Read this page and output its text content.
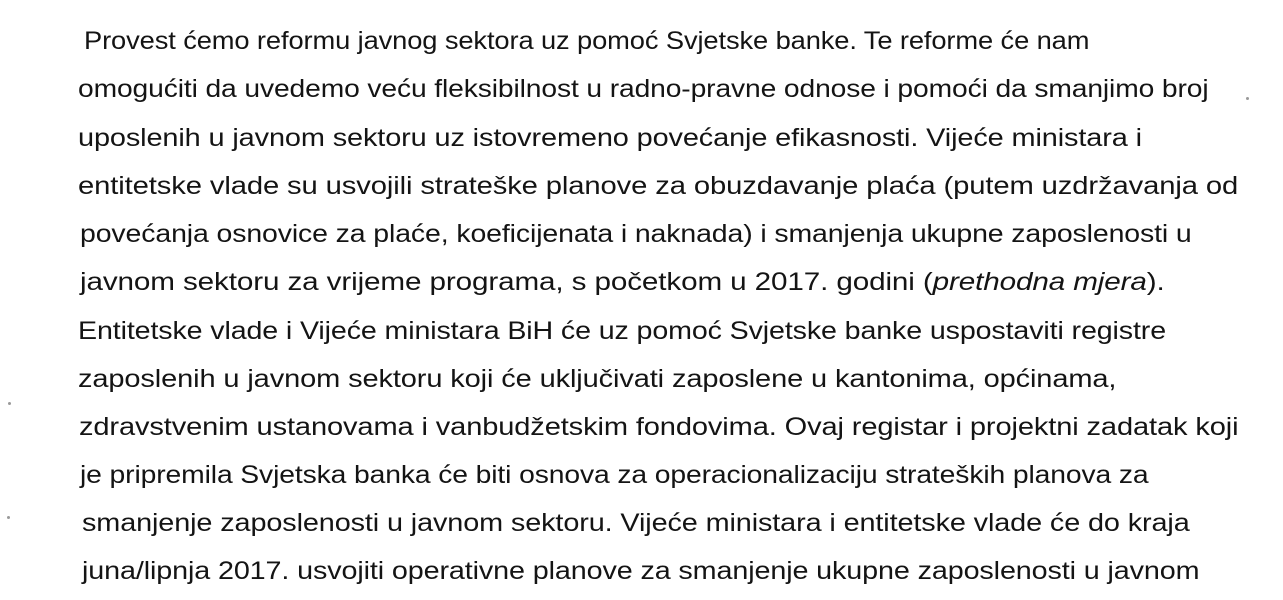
Provest ćemo reformu javnog sektora uz pomoć Svjetske banke. Te reforme će nam
omogućiti da uvedemo veću fleksibilnost u radno-pravne odnose i pomoći da smanjimo broj
uposlenih u javnom sektoru uz istovremeno povećanje efikasnosti. Vijeće ministara i
entitetske vlade su usvojili strateške planove za obuzdavanje plaća (putem uzdržavanja od
povećanja osnovice za plaće, koeficijenata i naknada) i smanjenja ukupne zaposlenosti u
javnom sektoru za vrijeme programa, s početkom u 2017. godini (prethodna mjera).
Entitetske vlade i Vijeće ministara BiH će uz pomoć Svjetske banke uspostaviti registre
zaposlenih u javnom sektoru koji će uključivati zaposlene u kantonima, općinama,
zdravstvenim ustanovama i vanbudžetskim fondovima. Ovaj registar i projektni zadatak koji
je pripremila Svjetska banka će biti osnova za operacionalizaciju strateških planova za
smanjenje zaposlenosti u javnom sektoru. Vijeće ministara i entitetske vlade će do kraja
juna/lipnja 2017. usvojiti operativne planove za smanjenje ukupne zaposlenosti u javnom
